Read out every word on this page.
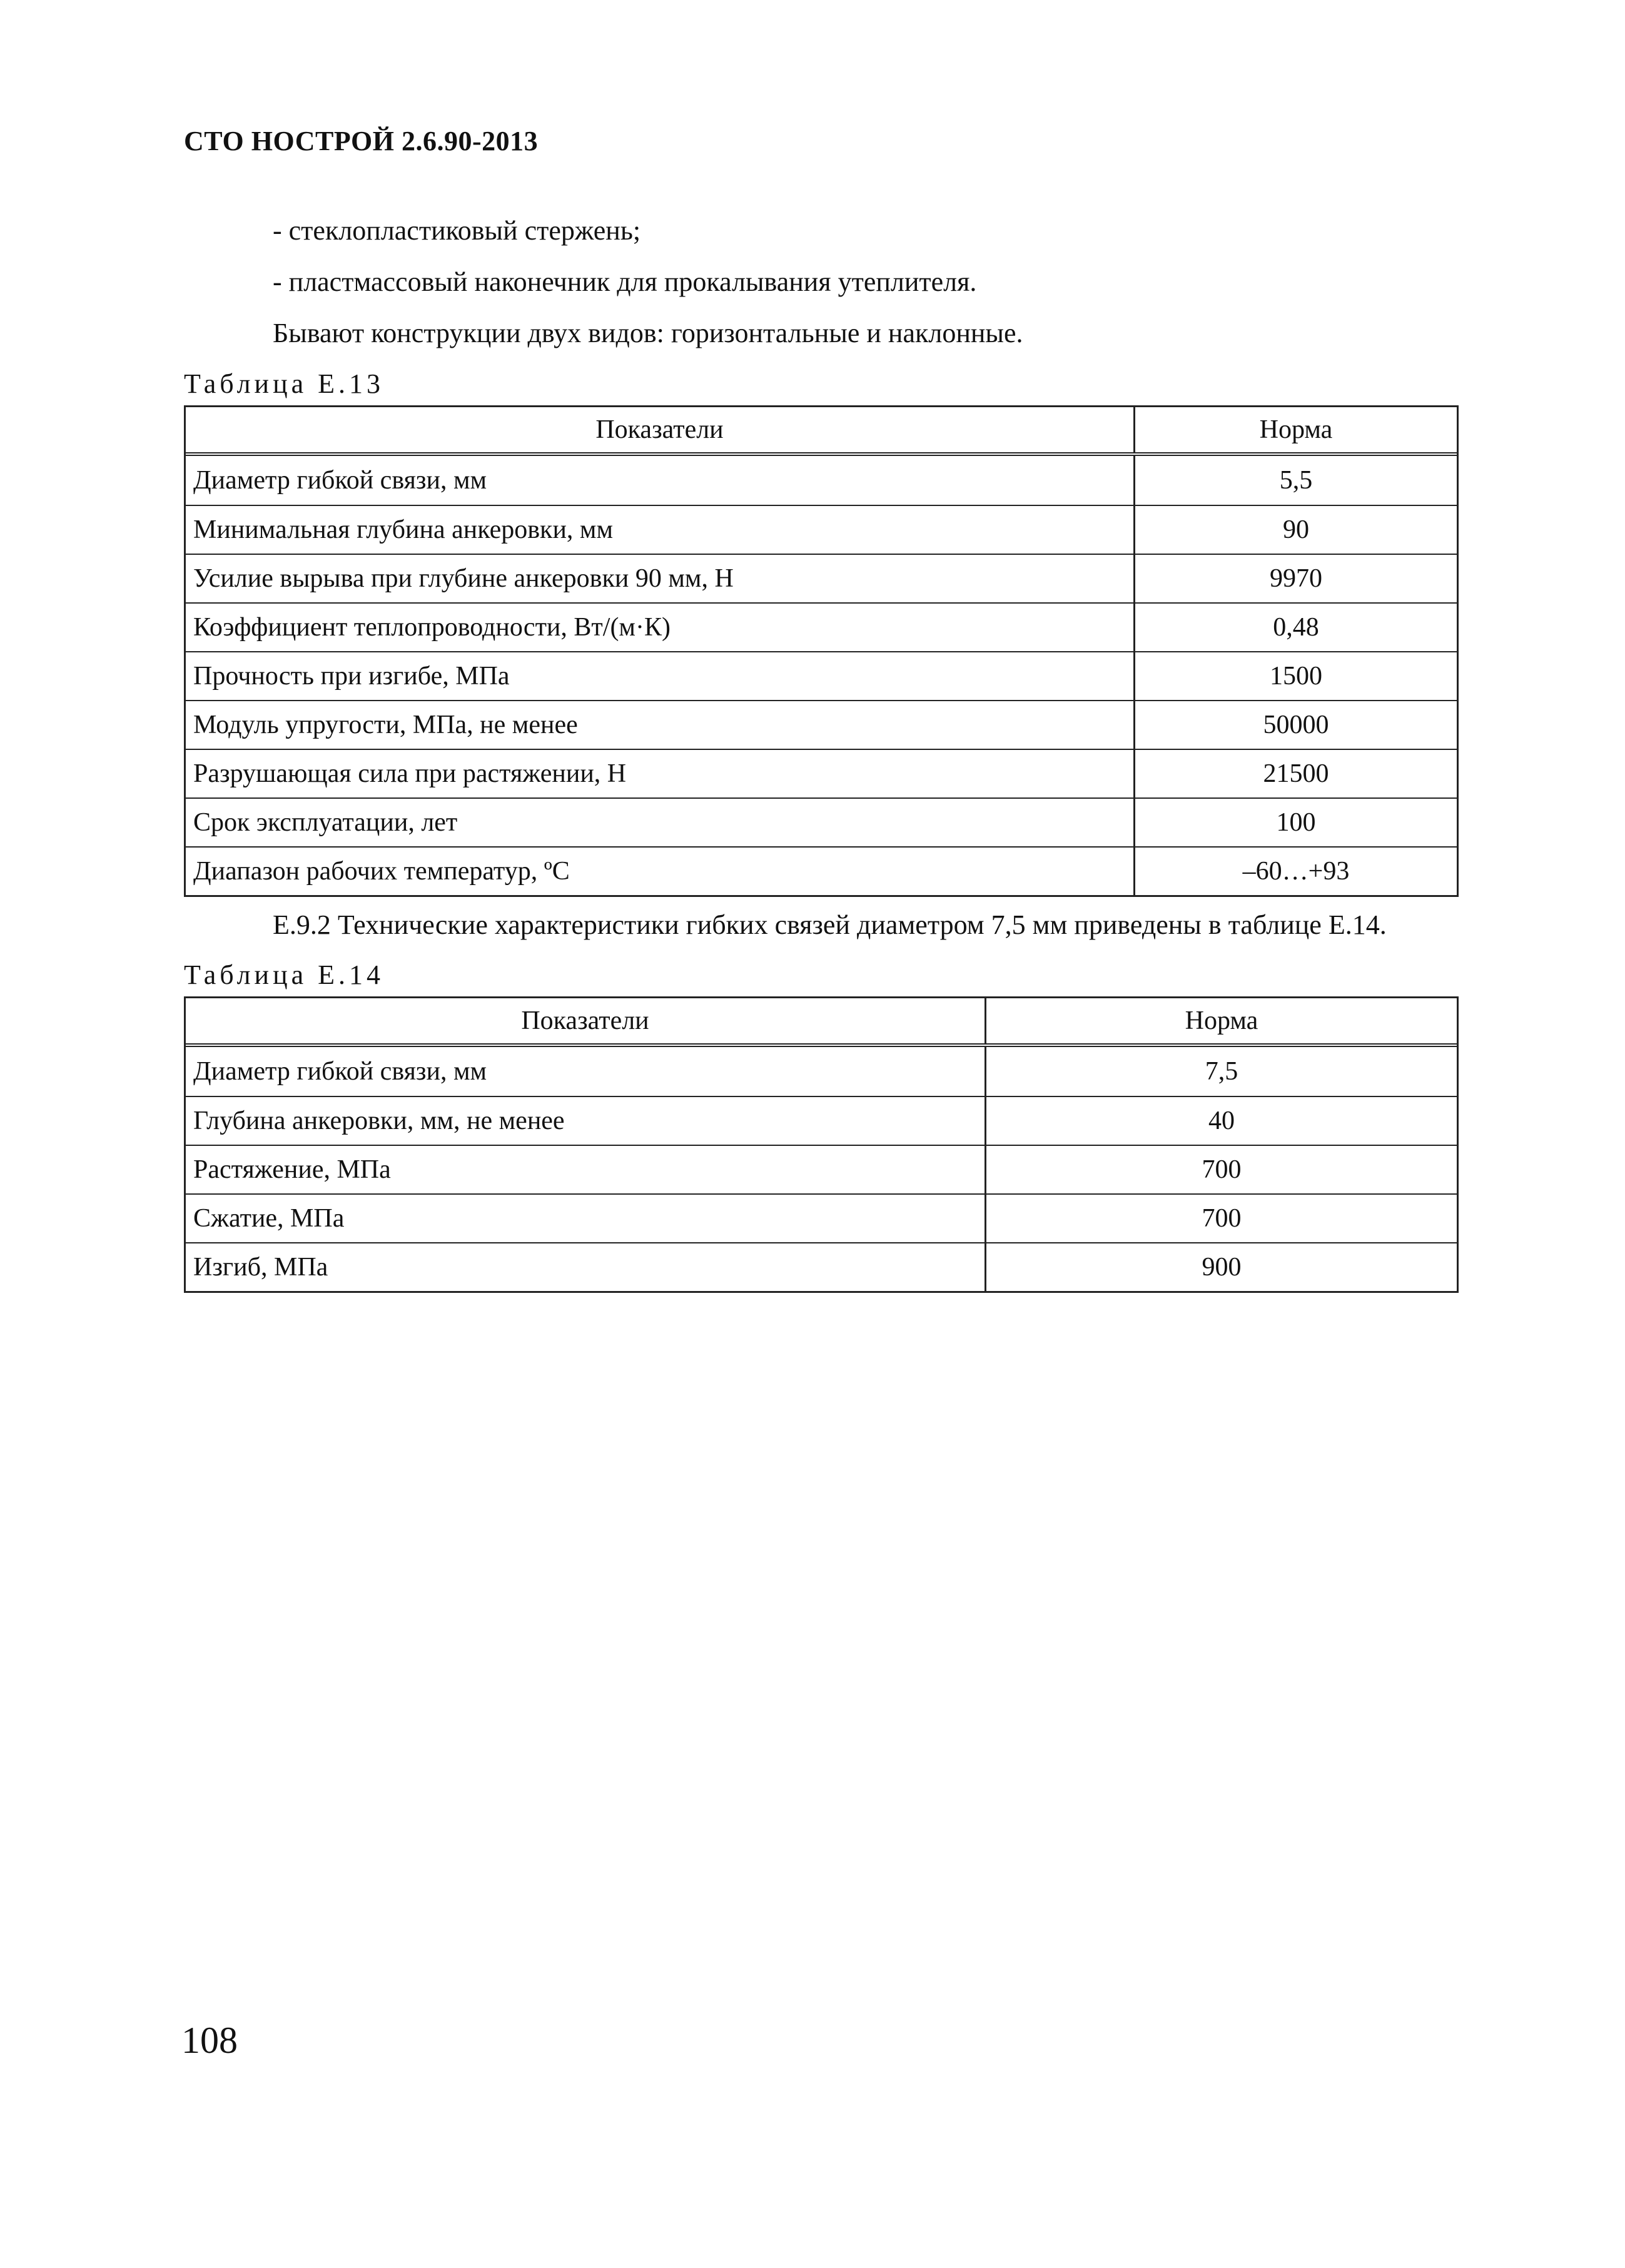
СТО НОСТРОЙ 2.6.90-2013
- стеклопластиковый стержень;
- пластмассовый наконечник для прокалывания утеплителя.
Бывают конструкции двух видов: горизонтальные и наклонные.
Таблица Е.13
Показатели	Норма
Диаметр гибкой связи, мм	5,5
Минимальная глубина анкеровки, мм	90
Усилие вырыва при глубине анкеровки 90 мм, Н	9970
Коэффициент теплопроводности, Вт/(м·К)	0,48
Прочность при изгибе, МПа	1500
Модуль упругости, МПа, не менее	50000
Разрушающая сила при растяжении, Н	21500
Срок эксплуатации, лет	100
Диапазон рабочих температур, ºС	–60…+93
Е.9.2 Технические характеристики гибких связей диаметром 7,5 мм приведены в таблице Е.14.
Таблица Е.14
Показатели	Норма
Диаметр гибкой связи, мм	7,5
Глубина анкеровки, мм, не менее	40
Растяжение, МПа	700
Сжатие, МПа	700
Изгиб, МПа	900
108
